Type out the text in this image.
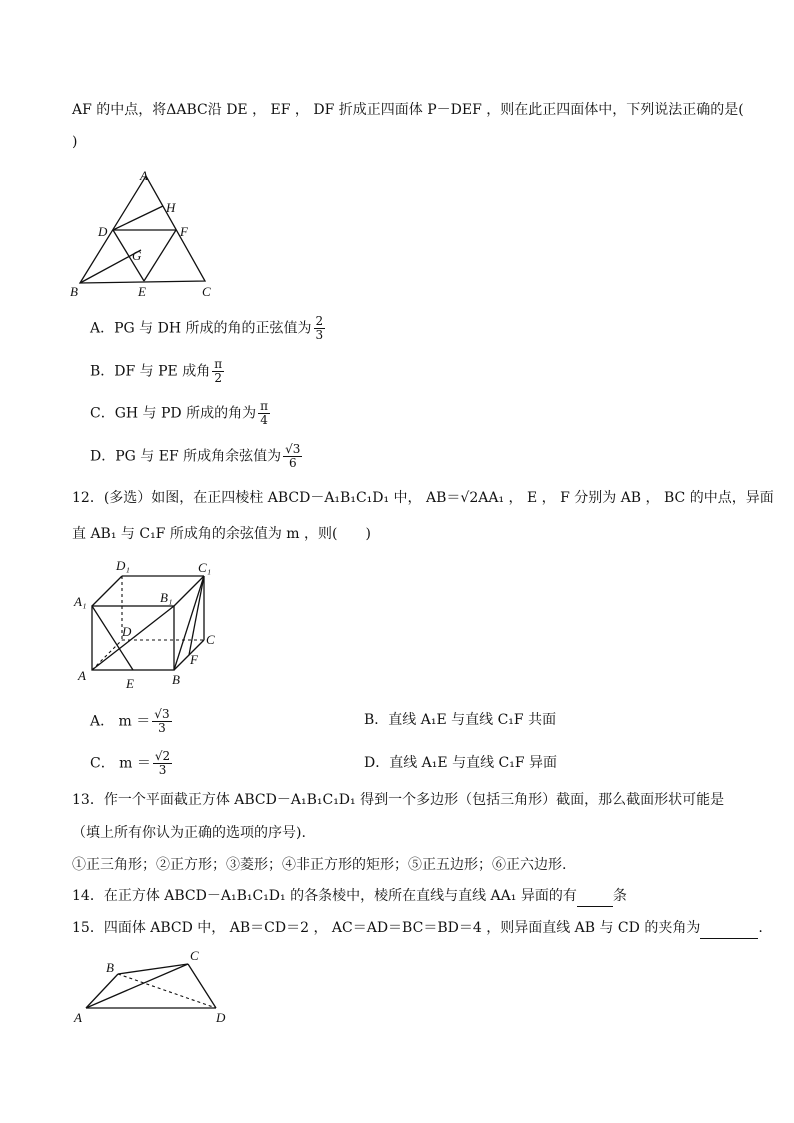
AF 的中点，将ΔABC沿 DE ， EF ， DF 折成正四面体 P－DEF ，则在此正四面体中，下列说法正确的是(
)
A
H
D	F
G
B	E	C
A．PG 与 DH 所成的角的正弦值为 $\frac{2}{3}$
B．DF 与 PE 成角 $\frac{\pi}{2}$
C．GH 与 PD 所成的角为 $\frac{\pi}{4}$
D．PG 与 EF 所成角余弦值为 $\frac{√3}{6}$
12．(多选）如图，在正四棱柱 ABCD－A₁B₁C₁D₁ 中， AB＝√2AA₁ ， E ， F 分别为 AB ， BC 的中点，异面
直 AB₁ 与 C₁F 所成角的余弦值为 m ，则(　　)
D₁	C₁
A₁	B₁
D
C
F
A
E	B
A． $m = \frac{√3}{3}$	B．直线 A₁E 与直线 C₁F 共面
C． $m = \frac{√2}{3}$	D．直线 A₁E 与直线 C₁F 异面
13．作一个平面截正方体 ABCD－A₁B₁C₁D₁ 得到一个多边形（包括三角形）截面，那么截面形状可能是
（填上所有你认为正确的选项的序号).
①正三角形；②正方形；③菱形；④非正方形的矩形；⑤正五边形；⑥正六边形.
14．在正方体 ABCD－A₁B₁C₁D₁ 的各条棱中，棱所在直线与直线 AA₁ 异面的有	条
15．四面体 ABCD 中， AB＝CD＝2 ， AC＝AD＝BC＝BD＝4 ，则异面直线 AB 与 CD 的夹角为	.
A
B
C
D
